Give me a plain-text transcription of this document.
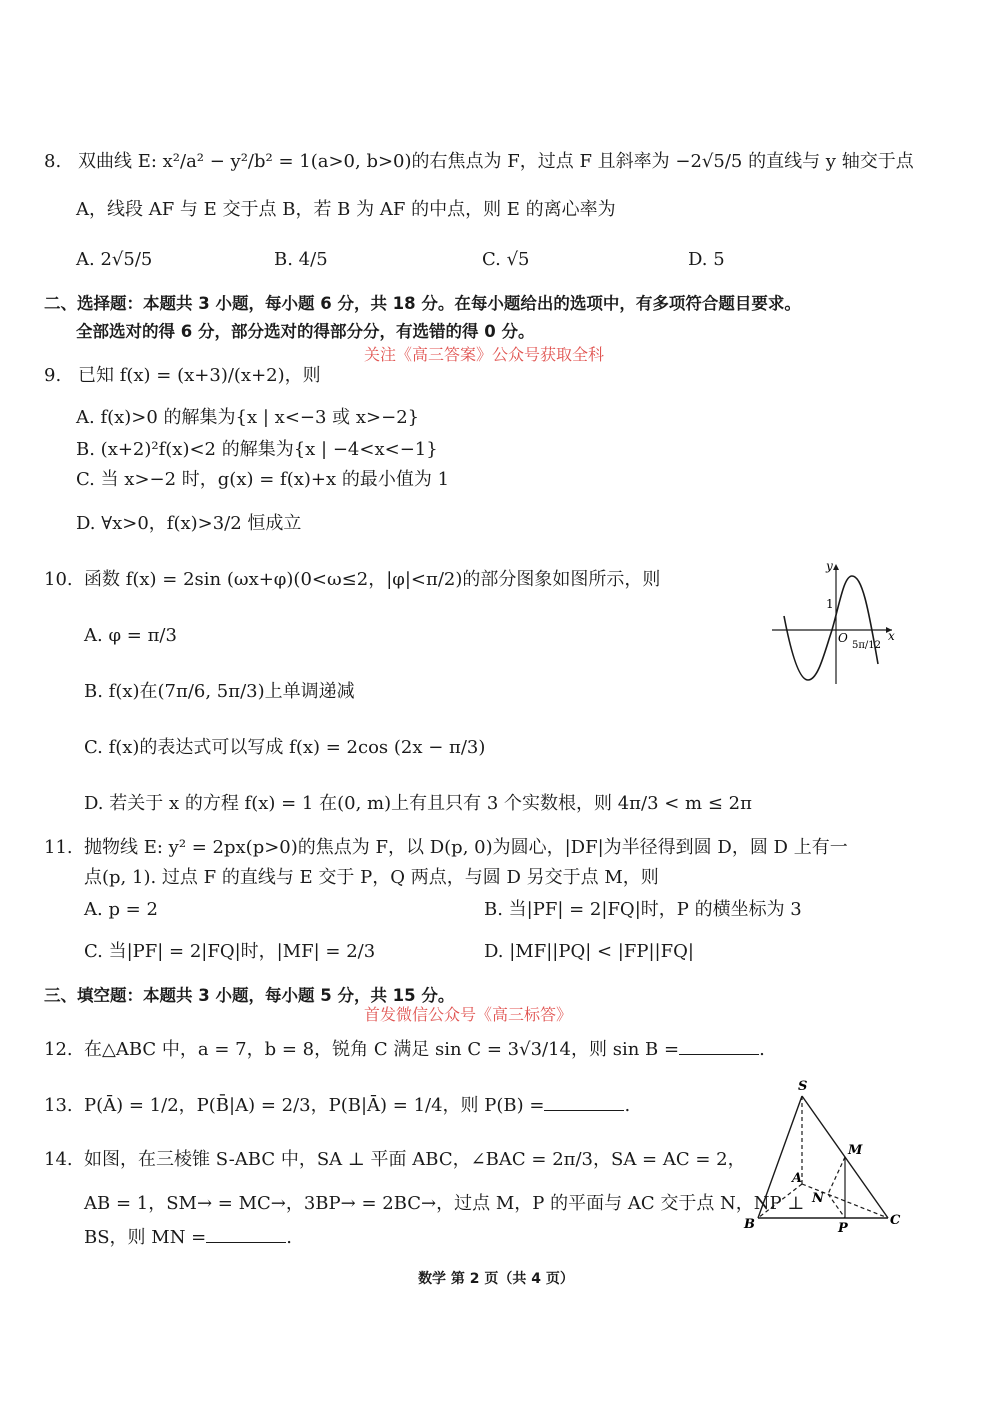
8. 双曲线 E: x²/a² − y²/b² = 1(a>0, b>0)的右焦点为 F，过点 F 且斜率为 −2√5/5 的直线与 y 轴交于点
A，线段 AF 与 E 交于点 B，若 B 为 AF 的中点，则 E 的离心率为
A. 2√5/5	B. 4/5	C. √5	D. 5
二、选择题：本题共 3 小题，每小题 6 分，共 18 分。在每小题给出的选项中，有多项符合题目要求。
全部选对的得 6 分，部分选对的得部分分，有选错的得 0 分。
关注《高三答案》公众号获取全科
9. 已知 f(x) = (x+3)/(x+2)，则
A. f(x)>0 的解集为{x | x<−3 或 x>−2}
B. (x+2)²f(x)<2 的解集为{x | −4<x<−1}
C. 当 x>−2 时，g(x) = f(x)+x 的最小值为 1
D. ∀x>0，f(x)>3/2 恒成立
10. 函数 f(x) = 2sin (ωx+φ)(0<ω≤2，|φ|<π/2)的部分图象如图所示，则
A. φ = π/3
B. f(x)在(7π/6, 5π/3)上单调递减
C. f(x)的表达式可以写成 f(x) = 2cos (2x − π/3)
D. 若关于 x 的方程 f(x) = 1 在(0, m)上有且只有 3 个实数根，则 4π/3 < m ≤ 2π
y
x
O
1
5π/12
11. 抛物线 E: y² = 2px(p>0)的焦点为 F，以 D(p, 0)为圆心，|DF|为半径得到圆 D，圆 D 上有一
点(p, 1). 过点 F 的直线与 E 交于 P，Q 两点，与圆 D 另交于点 M，则
A. p = 2	B. 当|PF| = 2|FQ|时，P 的横坐标为 3
C. 当|PF| = 2|FQ|时，|MF| = 2/3	D. |MF||PQ| < |FP||FQ|
三、填空题：本题共 3 小题，每小题 5 分，共 15 分。
首发微信公众号《高三标答》
12. 在△ABC 中，a = 7，b = 8，锐角 C 满足 sin C = 3√3/14，则 sin B =	.
13. P(Ā) = 1/2，P(B̄|A) = 2/3，P(B|Ā) = 1/4，则 P(B) =	.
14. 如图，在三棱锥 S-ABC 中，SA ⊥ 平面 ABC，∠BAC = 2π/3，SA = AC = 2，
AB = 1，SM→ = MC→，3BP→ = 2BC→，过点 M，P 的平面与 AC 交于点 N，NP ⊥
BS，则 MN =	.
S
M
A
N
B	P
C
数学 第 2 页（共 4 页）
